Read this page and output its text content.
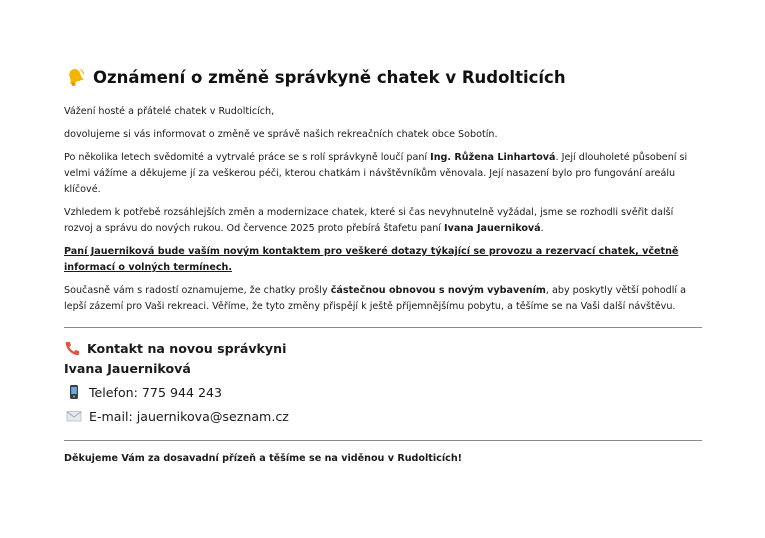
Oznámení o změně správkyně chatek v Rudolticích

Vážení hosté a přátelé chatek v Rudolticích,

dovolujeme si vás informovat o změně ve správě našich rekreačních chatek obce Sobotín.

Po několika letech svědomité a vytrvalé práce se s rolí správkyně loučí paní Ing. Růžena Linhartová. Její dlouholeté působení si velmi vážíme a děkujeme jí za veškerou péči, kterou chatkám i návštěvníkům věnovala. Její nasazení bylo pro fungování areálu klíčové.

Vzhledem k potřebě rozsáhlejších změn a modernizace chatek, které si čas nevyhnutelně vyžádal, jsme se rozhodli svěřit další rozvoj a správu do nových rukou. Od července 2025 proto přebírá štafetu paní Ivana Jauerniková.

Paní Jauerniková bude vaším novým kontaktem pro veškeré dotazy týkající se provozu a rezervací chatek, včetně informací o volných termínech.

Současně vám s radostí oznamujeme, že chatky prošly částečnou obnovou s novým vybavením, aby poskytly větší pohodlí a lepší zázemí pro Vaši rekreaci. Věříme, že tyto změny přispějí k ještě příjemnějšímu pobytu, a těšíme se na Vaši další návštěvu.

Kontakt na novou správkyni
Ivana Jauerniková
Telefon: 775 944 243
E-mail: jauernikova@seznam.cz
Děkujeme Vám za dosavadní přízeň a těšíme se na viděnou v Rudolticích!
